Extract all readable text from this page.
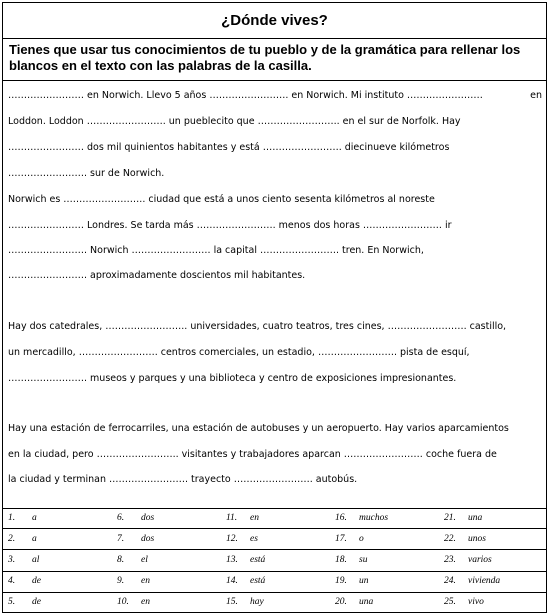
¿Dónde vives?
Tienes que usar tus conocimientos de tu pueblo y de la gramática para rellenar los blancos en el texto con las palabras de la casilla.
…………………… en Norwich. Llevo 5 años ……………………. en Norwich. Mi instituto ……………………	en
Loddon. Loddon ……………………. un pueblecito que …………………….. en el sur de Norfolk. Hay
…………………… dos mil quinientos habitantes y está ……………………. diecinueve kilómetros
……………………. sur de Norwich.
Norwich es …………………….. ciudad que está a unos ciento sesenta kilómetros al noreste
…………………… Londres. Se tarda más ……………………. menos dos horas ……………………. ir
……………………. Norwich ……………………. la capital ……………………. tren. En Norwich,
……………………. aproximadamente doscientos mil habitantes.
Hay dos catedrales, …………………….. universidades, cuatro teatros, tres cines, ……………………. castillo,
un mercadillo, ……………………. centros comerciales, un estadio, ……………………. pista de esquí,
……………………. museos y parques y una biblioteca y centro de exposiciones impresionantes.
Hay una estación de ferrocarriles, una estación de autobuses y un aeropuerto. Hay varios aparcamientos
en la ciudad, pero …………………….. visitantes y trabajadores aparcan ……………………. coche fuera de
la ciudad y terminan ……………………. trayecto ……………………. autobús.
1.	a	6.	dos	11.	en	16.	muchos	21.	una
2.	a	7.	dos	12.	es	17.	o	22.	unos
3.	al	8.	el	13.	está	18.	su	23.	varios
4.	de	9.	en	14.	está	19.	un	24.	vivienda
5.	de	10.	en	15.	hay	20.	una	25.	vivo
